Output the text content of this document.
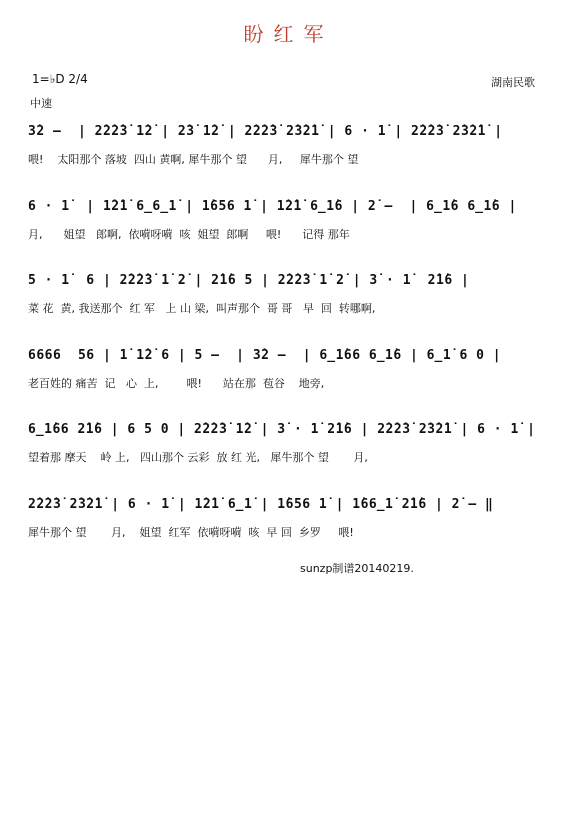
盼红军
1=♭D 2/4
中速
湖南民歌
3̇2 –  | 2̇2̇2̇3̇ 1̇2̇ | 2̇3̇ 1̇2̇ | 2̇2̇2̇3̇ 2̇3̇2̇1̇ | 6 · 1̇ | 2̇2̇2̇3̇ 2̇3̇2̇1̇ |
喂!    太阳那个 落坡  四山 黄啊, 犀牛那个 望      月,     犀牛那个 望
6 · 1̇  | 1̇2̇1̇ 6̲6̲1̇ | 1̇656 1̇ | 1̇2̇1̇ 6̲1̇6 | 2̇ –  | 6̲1̇6 6̲1̇6 |
月,      姐望   郎啊,  依嗬呀嗬  咳  姐望  郎啊     喂!      记得 那年
5 · 1̇  6 | 2̇2̇2̇3̇ 1̇ 2̇ | 2̇1̇6 5 | 2̇2̇2̇3̇ 1̇ 2̇ | 3̇ · 1̇  2̇1̇6 |
菜 花  黄, 我送那个  红 军   上 山 梁,  叫声那个  哥 哥   早  回  转哪啊,
6666  56 | 1̇ 1̇2̇ 6 | 5 –  | 3̇2 –  | 6̲1̇66 6̲1̇6 | 6̲1̇ 6 0 |
老百姓的 痛苦  记   心  上,        喂!      站在那  苞谷    地旁,
6̲1̇66 2̇1̇6 | 6 5 0 | 2̇2̇2̇3̇ 1̇2̇ | 3̇ · 1̇ 2̇1̇6 | 2̇2̇2̇3̇ 2̇3̇2̇1̇ | 6 · 1̇ |
望着那 摩天    岭 上,   四山那个 云彩  放 红 光,   犀牛那个 望       月,
2̇2̇2̇3̇ 2̇3̇2̇1̇ | 6 · 1̇ | 1̇2̇1̇ 6̲1̇ | 1̇656 1̇ | 1̇66̲1̇ 2̇1̇6 | 2̇ – ‖
犀牛那个 望       月,    姐望  红军  依嗬呀嗬  咳  早 回  乡罗     喂!
sunzp制谱20140219.
